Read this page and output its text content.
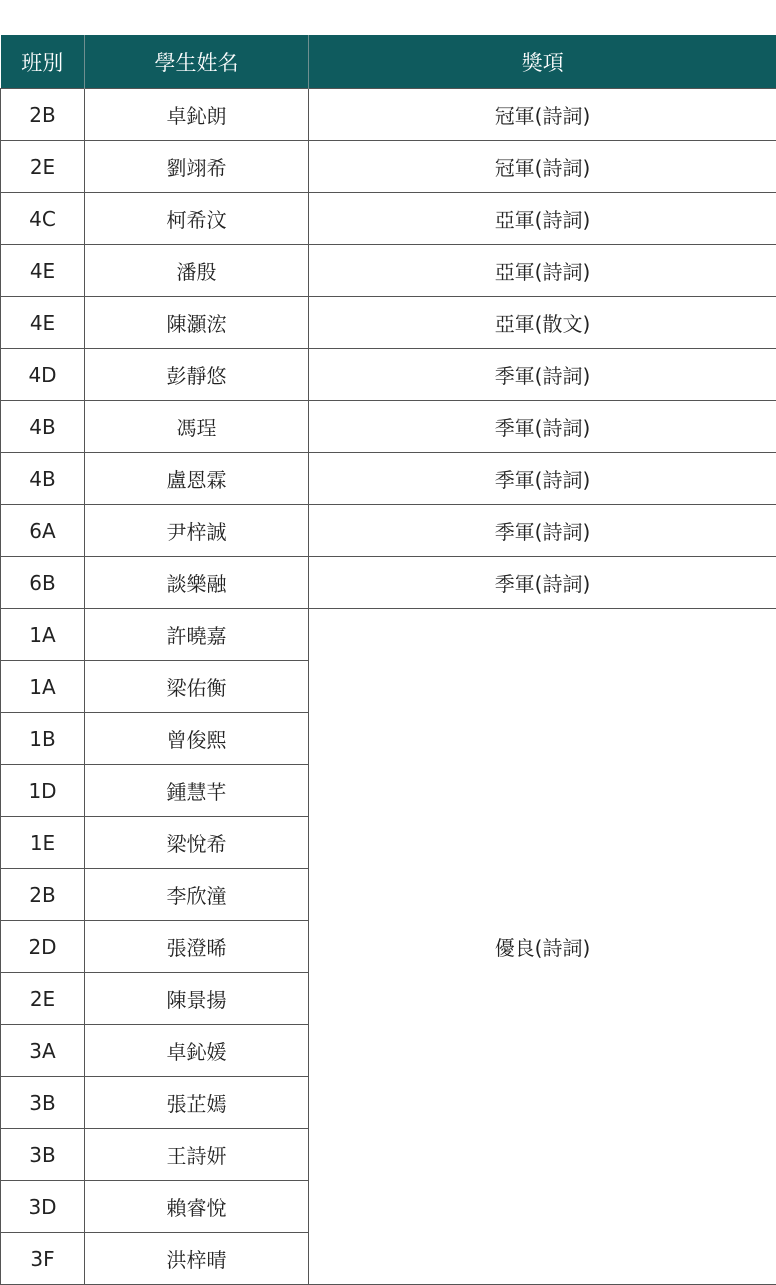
班別	學生姓名	獎項
2B	卓鈊朗	冠軍(詩詞)
2E	劉翊希	冠軍(詩詞)
4C	柯希汶	亞軍(詩詞)
4E	潘殷	亞軍(詩詞)
4E	陳灝浤	亞軍(散文)
4D	彭靜悠	季軍(詩詞)
4B	馮珵	季軍(詩詞)
4B	盧恩霖	季軍(詩詞)
6A	尹梓誠	季軍(詩詞)
6B	談樂融	季軍(詩詞)
1A	許曉嘉	優良(詩詞)
1A	梁佑衡	
1B	曾俊熙	
1D	鍾慧芊	
1E	梁悅希	
2B	李欣潼	
2D	張澄晞	
2E	陳景揚	
3A	卓鈊媛	
3B	張芷嫣	
3B	王詩妍	
3D	賴睿悅	
3F	洪梓晴	
